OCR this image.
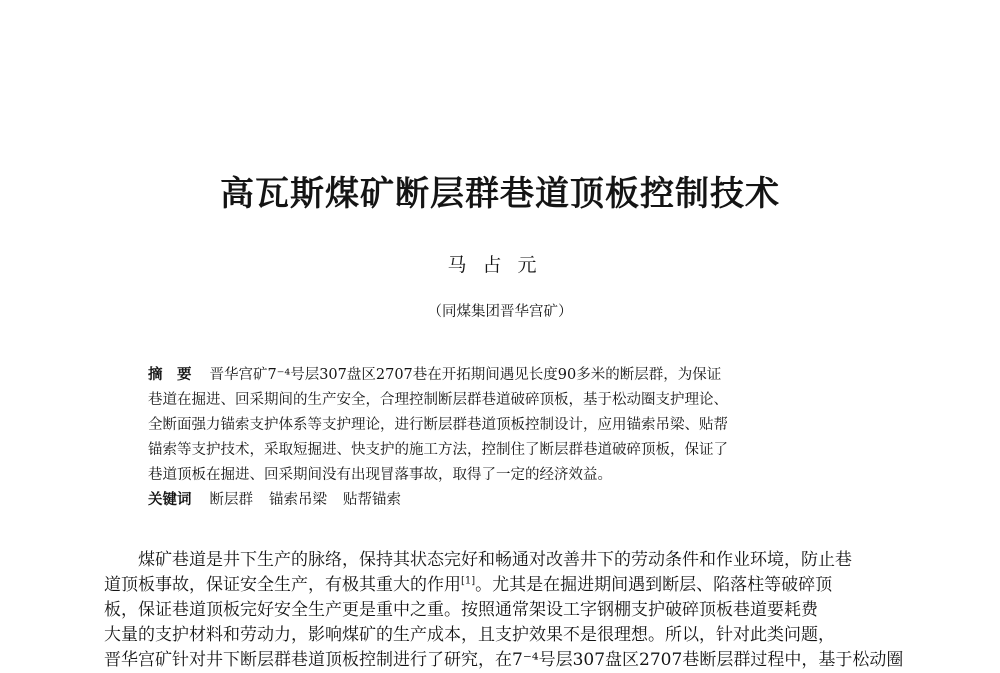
高瓦斯煤矿断层群巷道顶板控制技术
马占元
（同煤集团晋华宫矿）
摘　要 晋华宫矿7⁻⁴号层307盘区2707巷在开拓期间遇见长度90多米的断层群，为保证
巷道在掘进、回采期间的生产安全，合理控制断层群巷道破碎顶板，基于松动圈支护理论、
全断面强力锚索支护体系等支护理论，进行断层群巷道顶板控制设计，应用锚索吊梁、贴帮
锚索等支护技术，采取短掘进、快支护的施工方法，控制住了断层群巷道破碎顶板，保证了
巷道顶板在掘进、回采期间没有出现冒落事故，取得了一定的经济效益。
关键词 断层群 锚索吊梁 贴帮锚索
煤矿巷道是井下生产的脉络，保持其状态完好和畅通对改善井下的劳动条件和作业环境，防止巷
道顶板事故，保证安全生产，有极其重大的作用[1]。尤其是在掘进期间遇到断层、陷落柱等破碎顶
板，保证巷道顶板完好安全生产更是重中之重。按照通常架设工字钢棚支护破碎顶板巷道要耗费
大量的支护材料和劳动力，影响煤矿的生产成本，且支护效果不是很理想。所以，针对此类问题，
晋华宫矿针对井下断层群巷道顶板控制进行了研究，在7⁻⁴号层307盘区2707巷断层群过程中，基于松动圈
